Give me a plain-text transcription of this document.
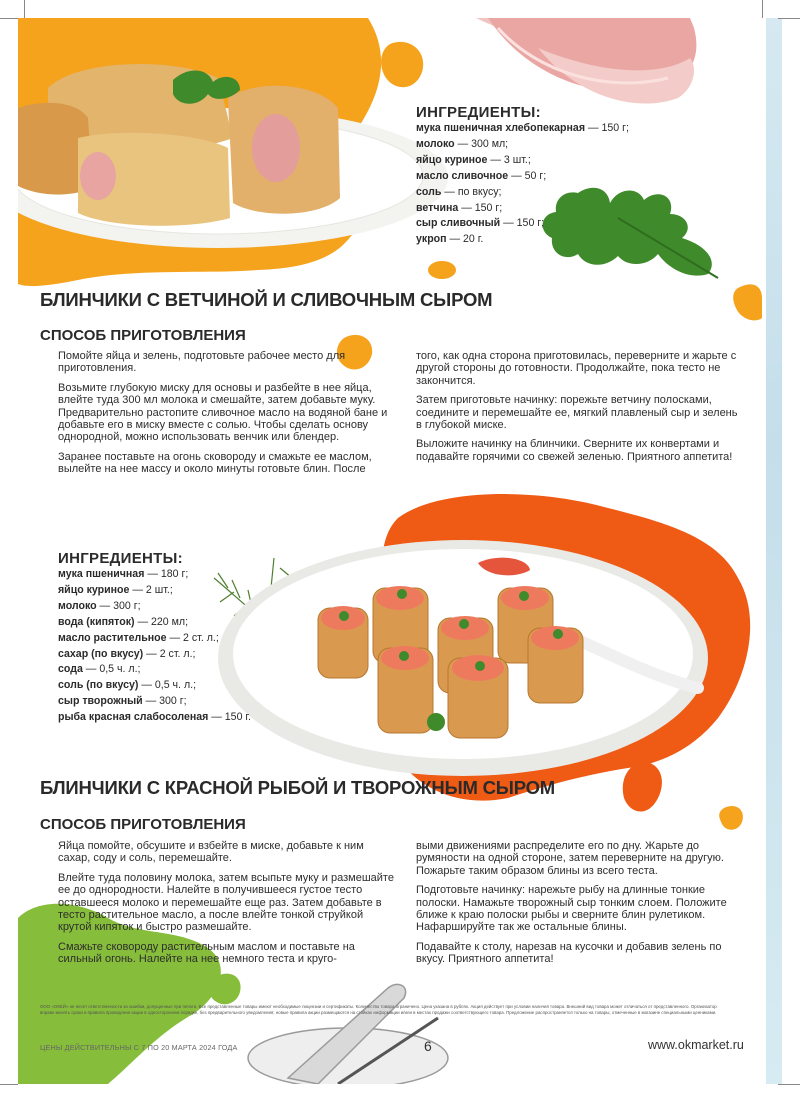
ИНГРЕДИЕНТЫ:
мука пшеничная хлебопекарная — 150 г;
молоко — 300 мл;
яйцо куриное — 3 шт.;
масло сливочное — 50 г;
соль — по вкусу;
ветчина — 150 г;
сыр сливочный — 150 г;
укроп — 20 г.
БЛИНЧИКИ С ВЕТЧИНОЙ И СЛИВОЧНЫМ СЫРОМ
СПОСОБ ПРИГОТОВЛЕНИЯ

Помойте яйца и зелень, подготовьте рабочее место для приготовления.

Возьмите глубокую миску для основы и разбейте в нее яйца, влейте туда 300 мл молока и смешайте, затем добавьте муку. Предварительно растопите сливочное масло на водяной бане и добавьте его в миску вместе с солью. Чтобы сделать основу однородной, можно использовать венчик или блендер.

Заранее поставьте на огонь сковороду и смажьте ее маслом, вылейте на нее массу и около минуты готовьте блин. После

того, как одна сторона приготовилась, переверните и жарьте с другой стороны до готовности. Продолжайте, пока тесто не закончится.

Затем приготовьте начинку: порежьте ветчину полосками, соедините и перемешайте ее, мягкий плавленый сыр и зелень в глубокой миске.

Выложите начинку на блинчики. Сверните их конвертами и подавайте горячими со свежей зеленью. Приятного аппетита!

ИНГРЕДИЕНТЫ:
мука пшеничная — 180 г;
яйцо куриное — 2 шт.;
молоко — 300 г;
вода (кипяток) — 220 мл;
масло растительное — 2 ст. л.;
сахар (по вкусу) — 2 ст. л.;
сода — 0,5 ч. л.;
соль (по вкусу) — 0,5 ч. л.;
сыр творожный — 300 г;
рыба красная слабосоленая — 150 г.
БЛИНЧИКИ С КРАСНОЙ РЫБОЙ И ТВОРОЖНЫМ СЫРОМ
СПОСОБ ПРИГОТОВЛЕНИЯ

Яйца помойте, обсушите и взбейте в миске, добавьте к ним сахар, соду и соль, перемешайте.

Влейте туда половину молока, затем всыпьте муку и размешайте ее до однородности. Налейте в получившееся густое тесто оставшееся молоко и перемешайте еще раз. Затем добавьте в тесто растительное масло, а после влейте тонкой струйкой крутой кипяток и быстро размешайте.

Смажьте сковороду растительным маслом и поставьте на сильный огонь. Налейте на нее немного теста и круго-

выми движениями распределите его по дну. Жарьте до румяности на одной стороне, затем переверните на другую. Пожарьте таким образом блины из всего теста.

Подготовьте начинку: нарежьте рыбу на длинные тонкие полоски. Намажьте творожный сыр тонким слоем. Положите ближе к краю полоски рыбы и сверните блин рулетиком. Нафаршируйте так же остальные блины.

Подавайте к столу, нарезав на кусочки и добавив зелень по вкусу. Приятного аппетита!

ООО «ОКЕЙ» не несет ответственности за ошибки, допущенные при печати. Все представленные товары имеют необходимые лицензии и сертификаты. Количество товара ограничено. Цена указана в рублях. Акция действует при условии наличия товара. Внешний вид товара может отличаться от представленного. Организатор вправе менять сроки и правила проведения акции в одностороннем порядке, без предварительного уведомления; новые правила акции размещаются на стойках информации и/или в местах продажи соответствующего товара. Предложение распространяется только на товары, отмеченные в магазине специальными ценниками.
ЦЕНЫ ДЕЙСТВИТЕЛЬНЫ С 7 ПО 20 МАРТА 2024 ГОДА	6	www.okmarket.ru
